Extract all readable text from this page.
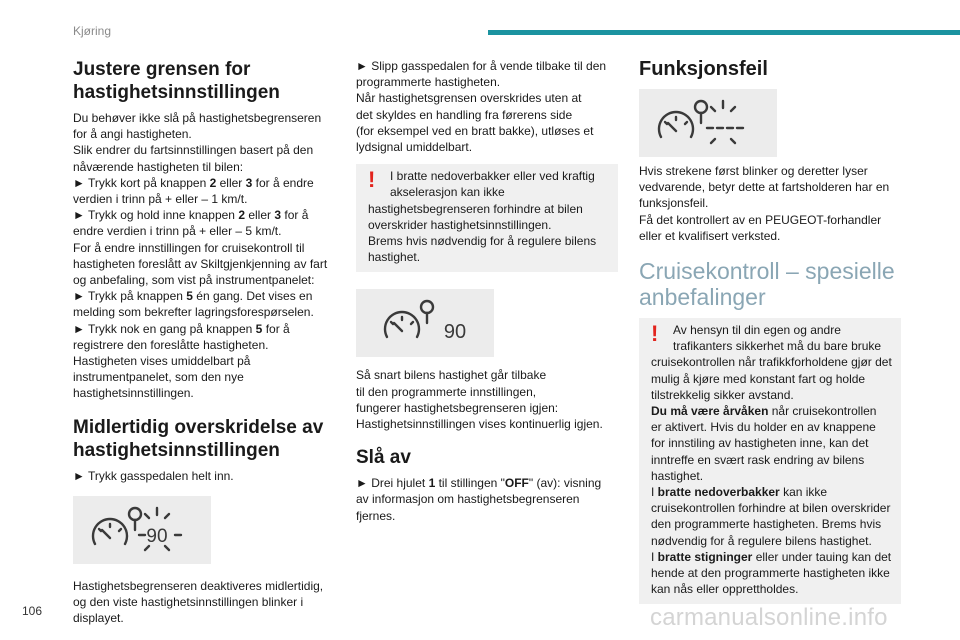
Kjøring
Justere grensen for hastighetsinnstillingen

Du behøver ikke slå på hastighetsbegrenseren
for å angi hastigheten.
Slik endrer du fartsinnstillingen basert på den
nåværende hastigheten til bilen:
► Trykk kort på knappen 2 eller 3 for å endre
verdien i trinn på + eller – 1 km/t.
► Trykk og hold inne knappen 2 eller 3 for å
endre verdien i trinn på + eller – 5 km/t.
For å endre innstillingen for cruisekontroll til
hastigheten foreslått av Skiltgjenkjenning av fart
og anbefaling, som vist på instrumentpanelet:
► Trykk på knappen 5 én gang. Det vises en
melding som bekrefter lagringsforespørselen.
► Trykk nok en gang på knappen 5 for å
registrere den foreslåtte hastigheten.
Hastigheten vises umiddelbart på
instrumentpanelet, som den nye
hastighetsinnstillingen.

Midlertidig overskridelse av hastighetsinnstillingen

► Trykk gasspedalen helt inn.

90

Hastighetsbegrenseren deaktiveres midlertidig,
og den viste hastighetsinnstillingen blinker i
displayet.

► Slipp gasspedalen for å vende tilbake til den
programmerte hastigheten.
Når hastighetsgrensen overskrides uten at
det skyldes en handling fra førerens side
(for eksempel ved en bratt bakke), utløses et
lydsignal umiddelbart.

!	I bratte nedoverbakker eller ved kraftig
akselerasjon kan ikke
hastighetsbegrenseren forhindre at bilen
overskrider hastighetsinnstillingen.
Brems hvis nødvendig for å regulere bilens
hastighet.
90

Så snart bilens hastighet går tilbake
til den programmerte innstillingen,
fungerer hastighetsbegrenseren igjen:
Hastighetsinnstillingen vises kontinuerlig igjen.

Slå av

► Drei hjulet 1 til stillingen "OFF" (av): visning
av informasjon om hastighetsbegrenseren
fjernes.

Funksjonsfeil

Hvis strekene først blinker og deretter lyser
vedvarende, betyr dette at fartsholderen har en
funksjonsfeil.
Få det kontrollert av en PEUGEOT-forhandler
eller et kvalifisert verksted.

Cruisekontroll – spesielle anbefalinger
!	Av hensyn til din egen og andre
trafikanters sikkerhet må du bare bruke
cruisekontrollen når trafikkforholdene gjør det
mulig å kjøre med konstant fart og holde
tilstrekkelig sikker avstand.
Du må være årvåken når cruisekontrollen
er aktivert. Hvis du holder en av knappene
for innstiling av hastigheten inne, kan det
inntreffe en svært rask endring av bilens
hastighet.
I bratte nedoverbakker kan ikke
cruisekontrollen forhindre at bilen overskrider
den programmerte hastigheten. Brems hvis
nødvendig for å regulere bilens hastighet.
I bratte stigninger eller under tauing kan det
hende at den programmerte hastigheten ikke
kan nås eller opprettholdes.
106	carmanualsonline.info
